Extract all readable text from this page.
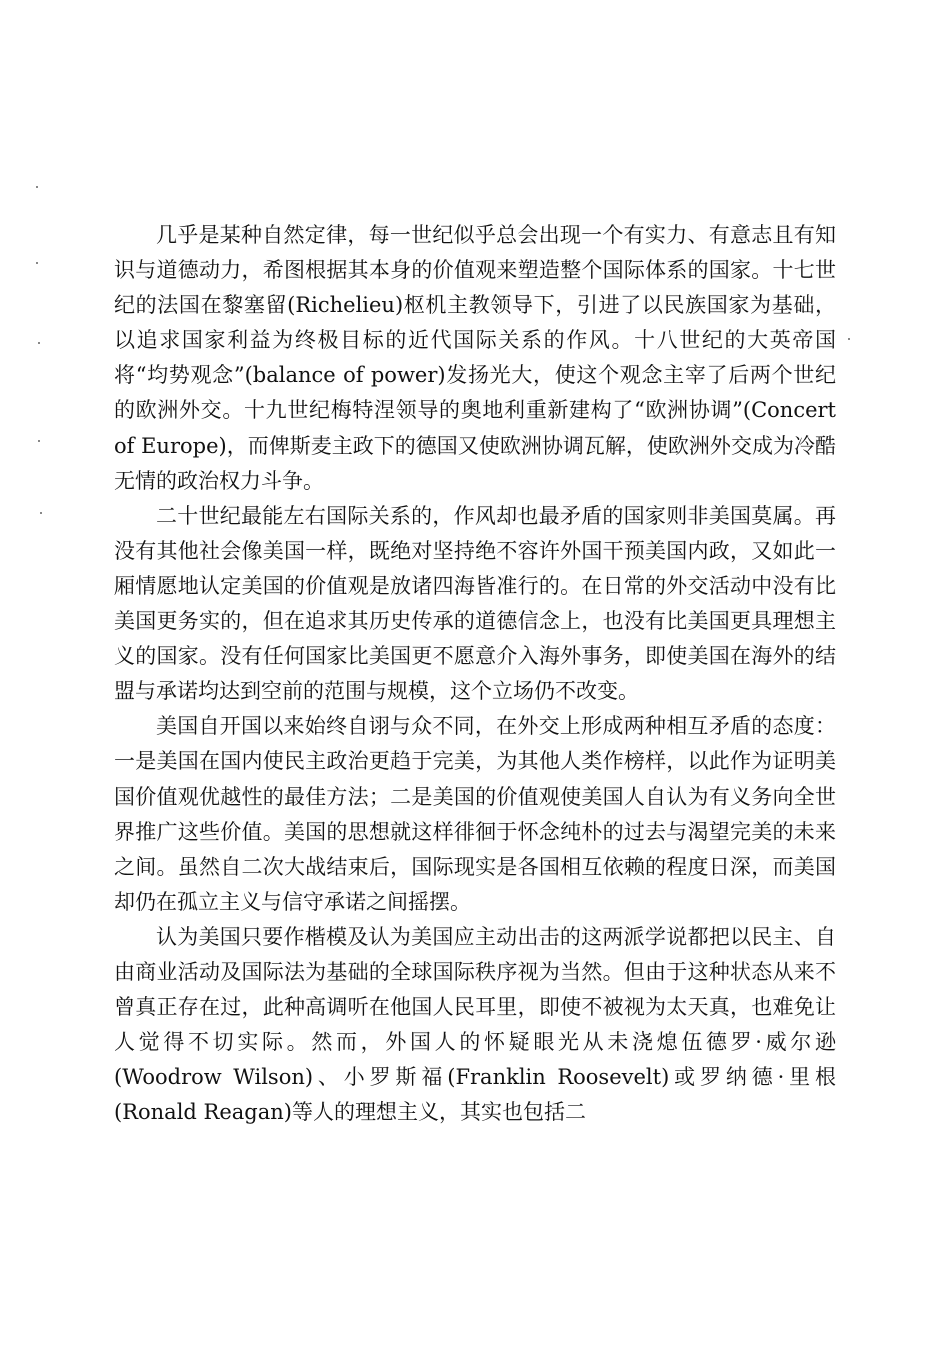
几乎是某种自然定律，每一世纪似乎总会出现一个有实力、有意志且有知识与道德动力，希图根据其本身的价值观来塑造整个国际体系的国家。十七世纪的法国在黎塞留(Richelieu)枢机主教领导下，引进了以民族国家为基础，以追求国家利益为终极目标的近代国际关系的作风。十八世纪的大英帝国将“均势观念”(balance of power)发扬光大，使这个观念主宰了后两个世纪的欧洲外交。十九世纪梅特涅领导的奥地利重新建构了“欧洲协调”(Concert of Europe)，而俾斯麦主政下的德国又使欧洲协调瓦解，使欧洲外交成为冷酷无情的政治权力斗争。

二十世纪最能左右国际关系的，作风却也最矛盾的国家则非美国莫属。再没有其他社会像美国一样，既绝对坚持绝不容许外国干预美国内政，又如此一厢情愿地认定美国的价值观是放诸四海皆准行的。在日常的外交活动中没有比美国更务实的，但在追求其历史传承的道德信念上，也没有比美国更具理想主义的国家。没有任何国家比美国更不愿意介入海外事务，即使美国在海外的结盟与承诺均达到空前的范围与规模，这个立场仍不改变。

美国自开国以来始终自诩与众不同，在外交上形成两种相互矛盾的态度：一是美国在国内使民主政治更趋于完美，为其他人类作榜样，以此作为证明美国价值观优越性的最佳方法；二是美国的价值观使美国人自认为有义务向全世界推广这些价值。美国的思想就这样徘徊于怀念纯朴的过去与渴望完美的未来之间。虽然自二次大战结束后，国际现实是各国相互依赖的程度日深，而美国却仍在孤立主义与信守承诺之间摇摆。

认为美国只要作楷模及认为美国应主动出击的这两派学说都把以民主、自由商业活动及国际法为基础的全球国际秩序视为当然。但由于这种状态从来不曾真正存在过，此种高调听在他国人民耳里，即使不被视为太天真，也难免让人觉得不切实际。然而，外国人的怀疑眼光从未浇熄伍德罗·威尔逊(Woodrow Wilson)、小罗斯福(Franklin Roosevelt)或罗纳德·里根(Ronald Reagan)等人的理想主义，其实也包括二
